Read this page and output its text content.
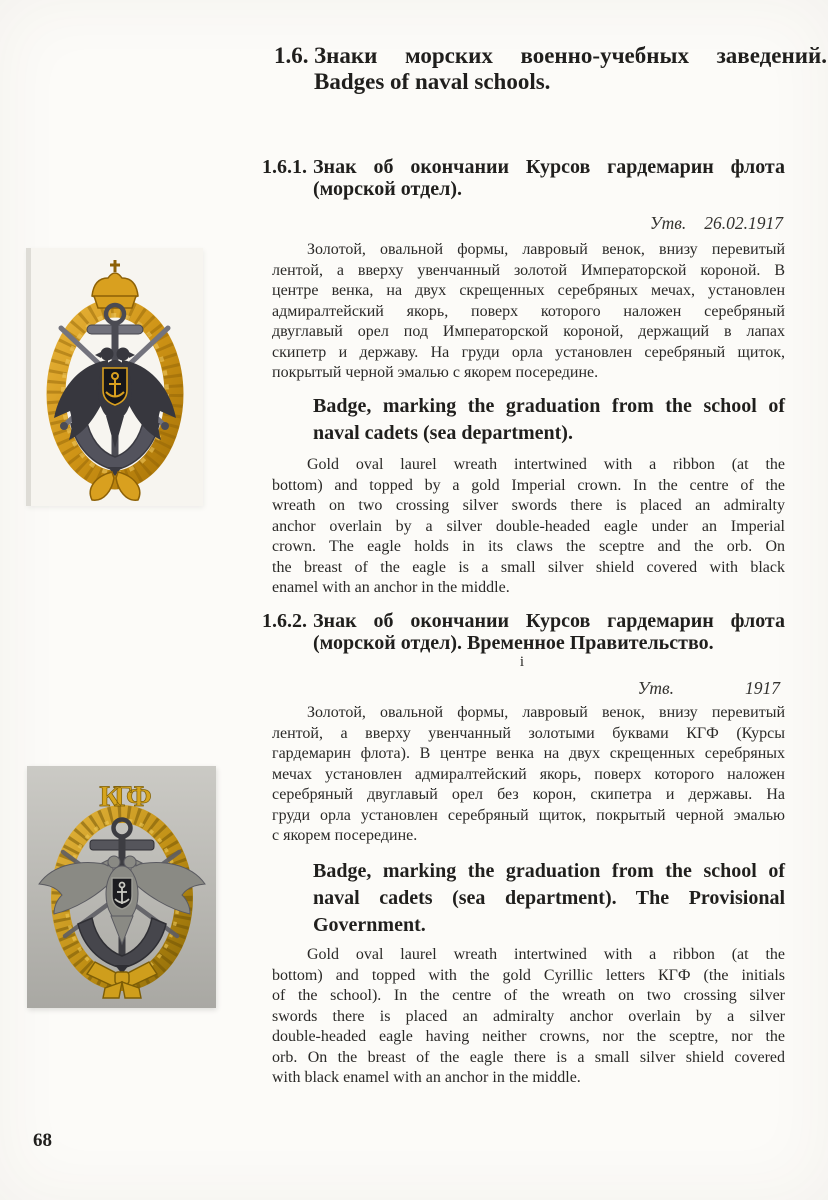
КГФ
1.6. Знаки морских военно-учебных заведений.
Badges of naval schools.
1.6.1. Знак об окончании Курсов гардемарин флота
(морской отдел).
Утв. 26.02.1917
Золотой, овальной формы, лавровый венок, внизу перевитый
лентой, а вверху увенчанный золотой Императорской короной. В
центре венка, на двух скрещенных серебряных мечах, установлен
адмиралтейский якорь, поверх которого наложен серебряный
двуглавый орел под Императорской короной, держащий в лапах
скипетр и державу. На груди орла установлен серебряный щиток,
покрытый черной эмалью с якорем посередине.
Badge, marking the graduation from the school of
naval cadets (sea department).
Gold oval laurel wreath intertwined with a ribbon (at the
bottom) and topped by a gold Imperial crown. In the centre of the
wreath on two crossing silver swords there is placed an admiralty
anchor overlain by a silver double-headed eagle under an Imperial
crown. The eagle holds in its claws the sceptre and the orb. On
the breast of the eagle is a small silver shield covered with black
enamel with an anchor in the middle.
1.6.2. Знак об окончании Курсов гардемарин флота
(морской отдел). Временное Правительство.
i
Утв.	1917
Золотой, овальной формы, лавровый венок, внизу перевитый
лентой, а вверху увенчанный золотыми буквами КГФ (Курсы
гардемарин флота). В центре венка на двух скрещенных серебряных
мечах установлен адмиралтейский якорь, поверх которого наложен
серебряный двуглавый орел без корон, скипетра и державы. На
груди орла установлен серебряный щиток, покрытый черной эмалью
с якорем посередине.
Badge, marking the graduation from the school of
naval cadets (sea department). The Provisional
Government.
Gold oval laurel wreath intertwined with a ribbon (at the
bottom) and topped with the gold Cyrillic letters КГФ (the initials
of the school). In the centre of the wreath on two crossing silver
swords there is placed an admiralty anchor overlain by a silver
double-headed eagle having neither crowns, nor the sceptre, nor the
orb. On the breast of the eagle there is a small silver shield covered
with black enamel with an anchor in the middle.
68
